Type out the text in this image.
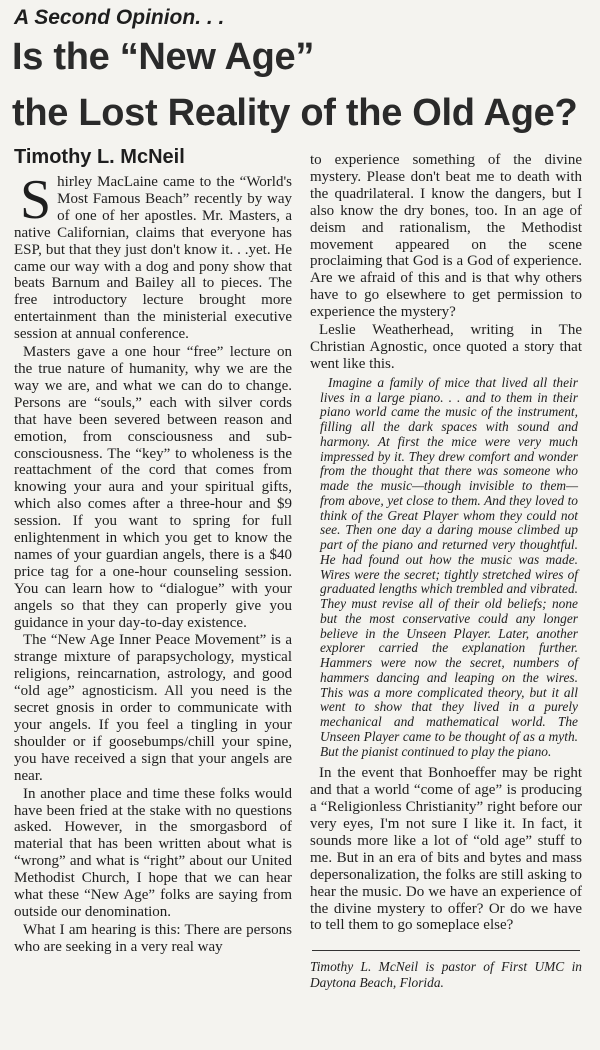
A Second Opinion. . .
Is the “New Age”
the Lost Reality of the Old Age?
Timothy L. McNeil

Shirley MacLaine came to the “World's Most Famous Beach” recently by way of one of her apostles. Mr. Masters, a native Californian, claims that everyone has ESP, but that they just don't know it. . .yet. He came our way with a dog and pony show that beats Barnum and Bailey all to pieces. The free introductory lecture brought more entertainment than the ministerial executive session at annual conference.

Masters gave a one hour “free” lecture on the true nature of humanity, why we are the way we are, and what we can do to change. Persons are “souls,” each with silver cords that have been severed between reason and emotion, from consciousness and sub-consciousness. The “key” to wholeness is the reattachment of the cord that comes from knowing your aura and your spiritual gifts, which also comes after a three-hour and $9 session. If you want to spring for full enlightenment in which you get to know the names of your guardian angels, there is a $40 price tag for a one-hour counseling session. You can learn how to “dialogue” with your angels so that they can properly give you guidance in your day-to-day existence.

The “New Age Inner Peace Movement” is a strange mixture of parapsychology, mystical religions, reincarnation, astrology, and good “old age” agnosticism. All you need is the secret gnosis in order to communicate with your angels. If you feel a tingling in your shoulder or if goosebumps/chill your spine, you have received a sign that your angels are near.

In another place and time these folks would have been fried at the stake with no questions asked. However, in the smorgasbord of material that has been written about what is “wrong” and what is “right” about our United Methodist Church, I hope that we can hear what these “New Age” folks are saying from outside our denomination.

What I am hearing is this: There are persons who are seeking in a very real way

to experience something of the divine mystery. Please don't beat me to death with the quadrilateral. I know the dangers, but I also know the dry bones, too. In an age of deism and rationalism, the Methodist movement appeared on the scene proclaiming that God is a God of experience. Are we afraid of this and is that why others have to go elsewhere to get permission to experience the mystery?

Leslie Weatherhead, writing in The Christian Agnostic, once quoted a story that went like this.

Imagine a family of mice that lived all their lives in a large piano. . . and to them in their piano world came the music of the instrument, filling all the dark spaces with sound and harmony. At first the mice were very much impressed by it. They drew comfort and wonder from the thought that there was someone who made the music—though invisible to them—from above, yet close to them. And they loved to think of the Great Player whom they could not see. Then one day a daring mouse climbed up part of the piano and returned very thoughtful. He had found out how the music was made. Wires were the secret; tightly stretched wires of graduated lengths which trembled and vibrated. They must revise all of their old beliefs; none but the most conservative could any longer believe in the Unseen Player. Later, another explorer carried the explanation further. Hammers were now the secret, numbers of hammers dancing and leaping on the wires. This was a more complicated theory, but it all went to show that they lived in a purely mechanical and mathematical world. The Unseen Player came to be thought of as a myth. But the pianist continued to play the piano.

In the event that Bonhoeffer may be right and that a world “come of age” is producing a “Religionless Christianity” right before our very eyes, I'm not sure I like it. In fact, it sounds more like a lot of “old age” stuff to me. But in an era of bits and bytes and mass depersonalization, the folks are still asking to hear the music. Do we have an experience of the divine mystery to offer? Or do we have to tell them to go someplace else?

Timothy L. McNeil is pastor of First UMC in Daytona Beach, Florida.
